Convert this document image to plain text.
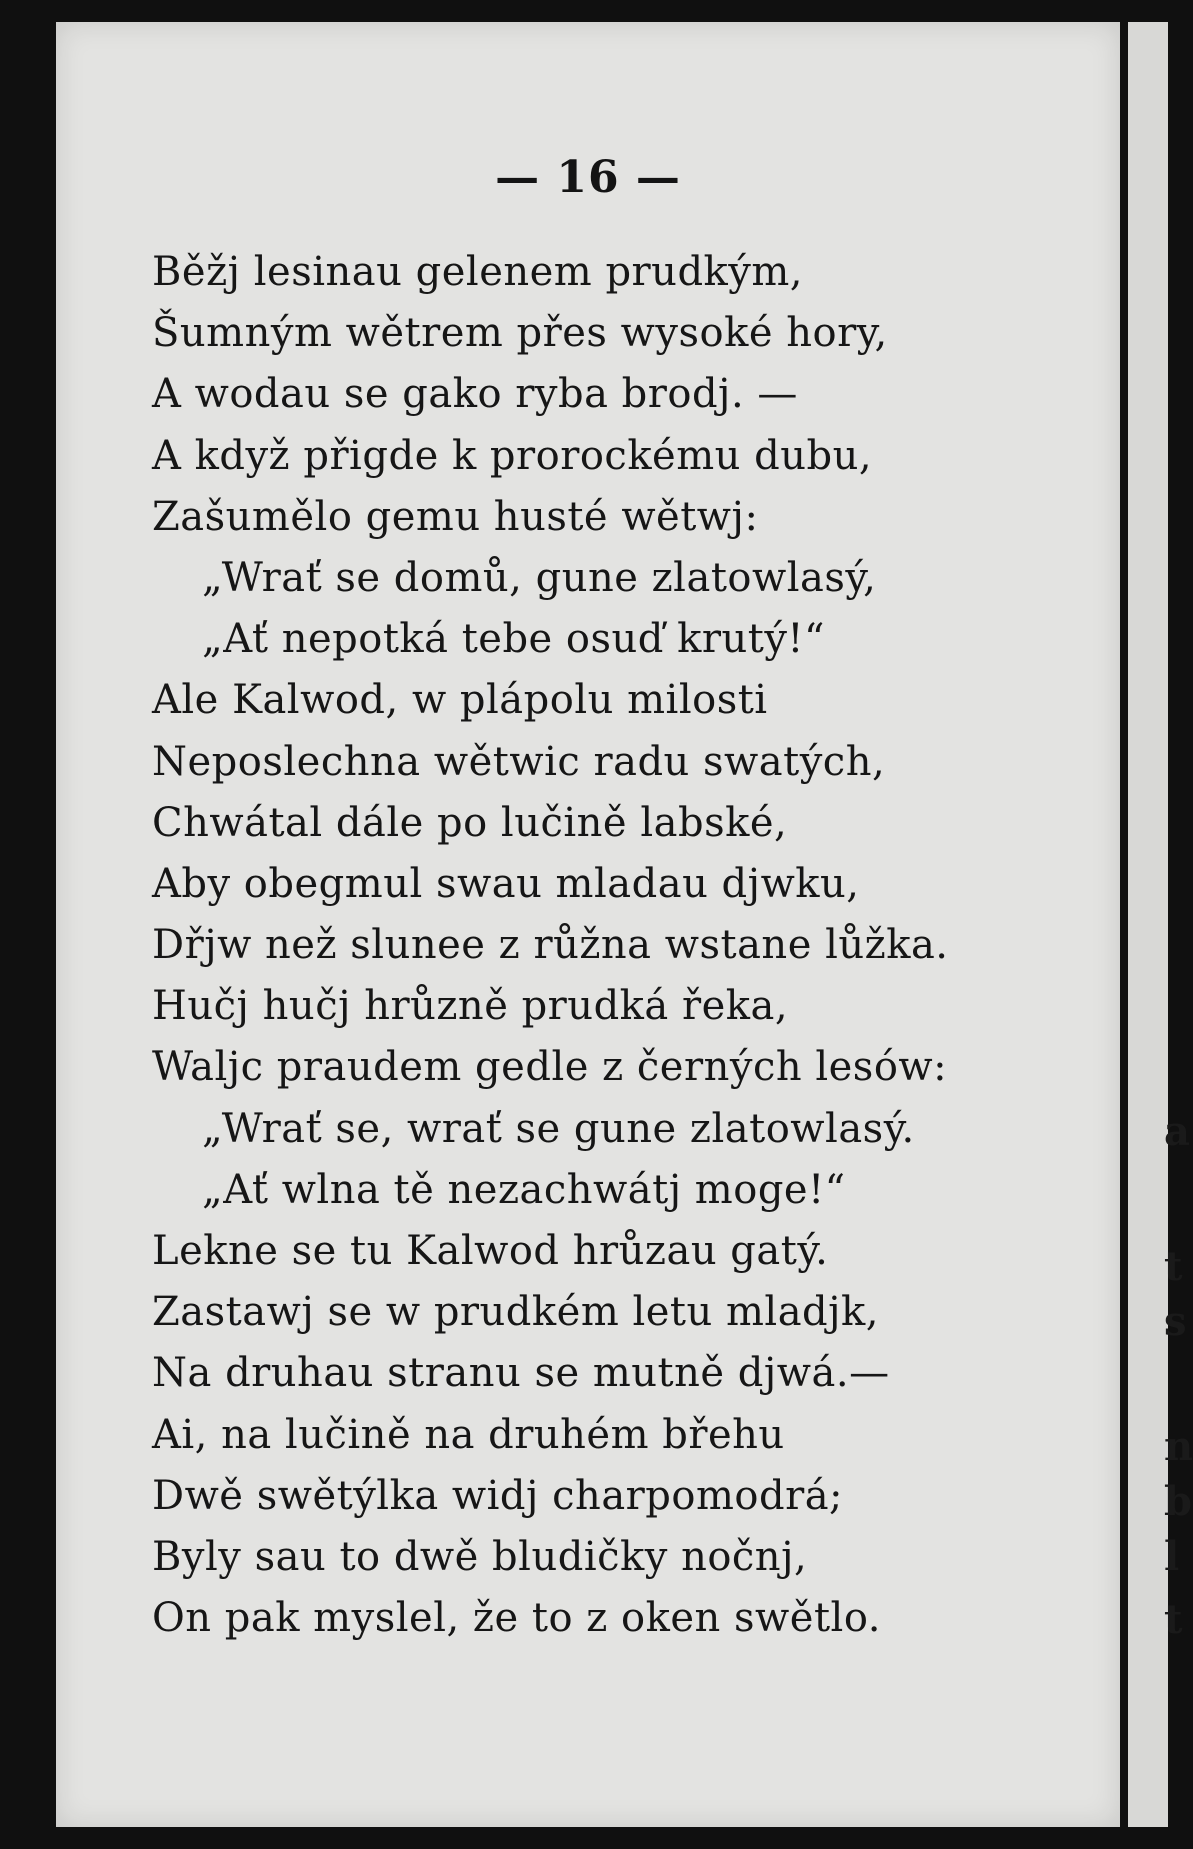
— 16 —
Běžj lesinau gelenem prudkým,
Šumným wětrem přes wysoké hory,
A wodau se gako ryba brodj. —
A když přigde k prorockému dubu,
Zašumělo gemu husté wětwj:
„Wrať se domů, gune zlatowlasý,
„Ať nepotká tebe osuď krutý!“
Ale Kalwod, w plápolu milosti
Neposlechna wětwic radu swatých,
Chwátal dále po lučině labské,
Aby obegmul swau mladau djwku,
Dřjw než slunee z růžna wstane lůžka.
Hučj hučj hrůzně prudká řeka,
Waljc praudem gedle z černých lesów:
„Wrať se, wrať se gune zlatowlasý.
„Ať wlna tě nezachwátj moge!“
Lekne se tu Kalwod hrůzau gatý.
Zastawj se w prudkém letu mladjk,
Na druhau stranu se mutně djwá.—
Ai, na lučině na druhém břehu
Dwě swětýlka widj charpomodrá;
Byly sau to dwě bludičky nočnj,
On pak myslel, že to z oken swětlo.
a
t
s
n
b
l
t
